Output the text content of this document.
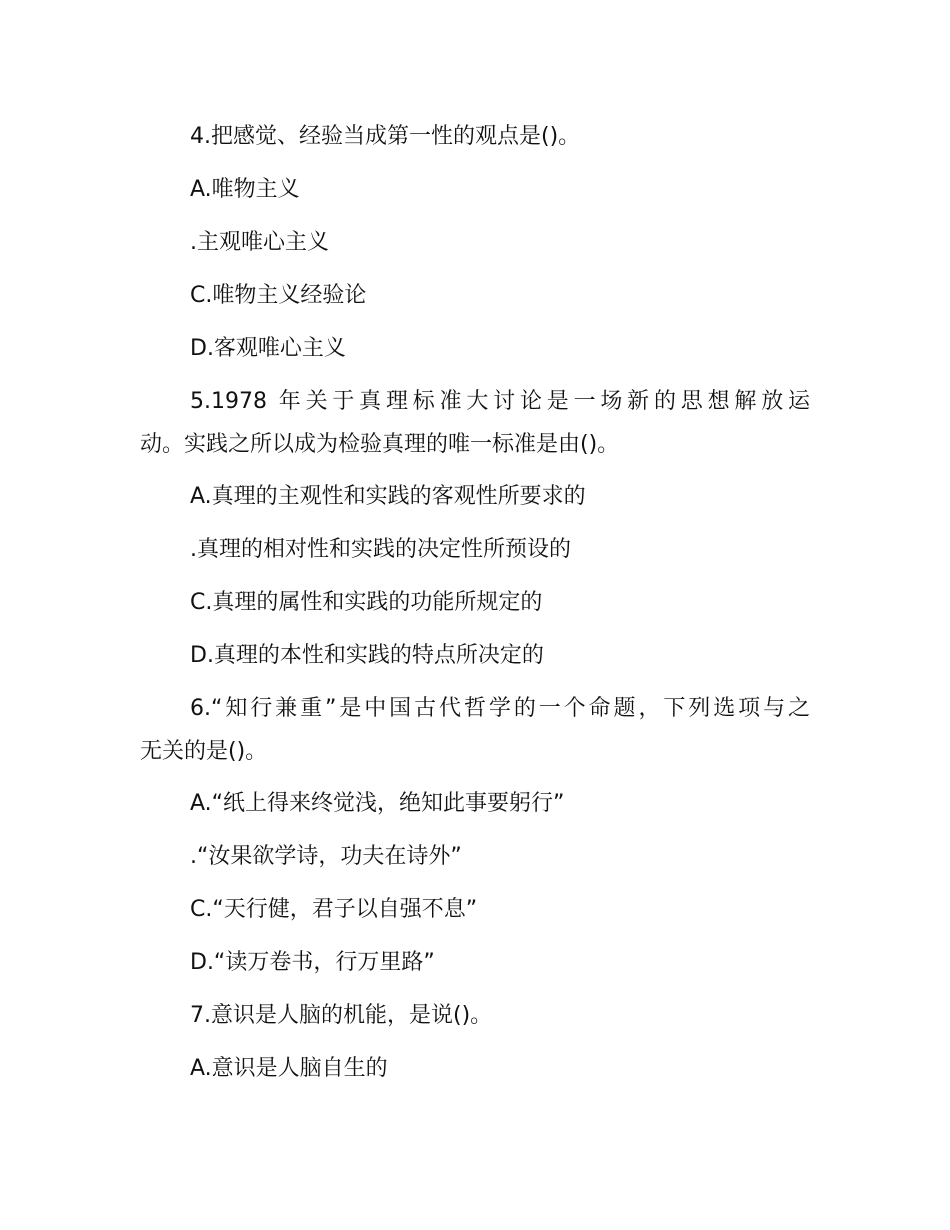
4.把感觉、经验当成第一性的观点是()。
A.唯物主义
.主观唯心主义
C.唯物主义经验论
D.客观唯心主义
5.1978 年关于真理标准大讨论是一场新的思想解放运
动。实践之所以成为检验真理的唯一标准是由()。
A.真理的主观性和实践的客观性所要求的
.真理的相对性和实践的决定性所预设的
C.真理的属性和实践的功能所规定的
D.真理的本性和实践的特点所决定的
6.“知行兼重”是中国古代哲学的一个命题，下列选项与之
无关的是()。
A.“纸上得来终觉浅，绝知此事要躬行”
.“汝果欲学诗，功夫在诗外”
C.“天行健，君子以自强不息”
D.“读万卷书，行万里路”
7.意识是人脑的机能，是说()。
A.意识是人脑自生的
